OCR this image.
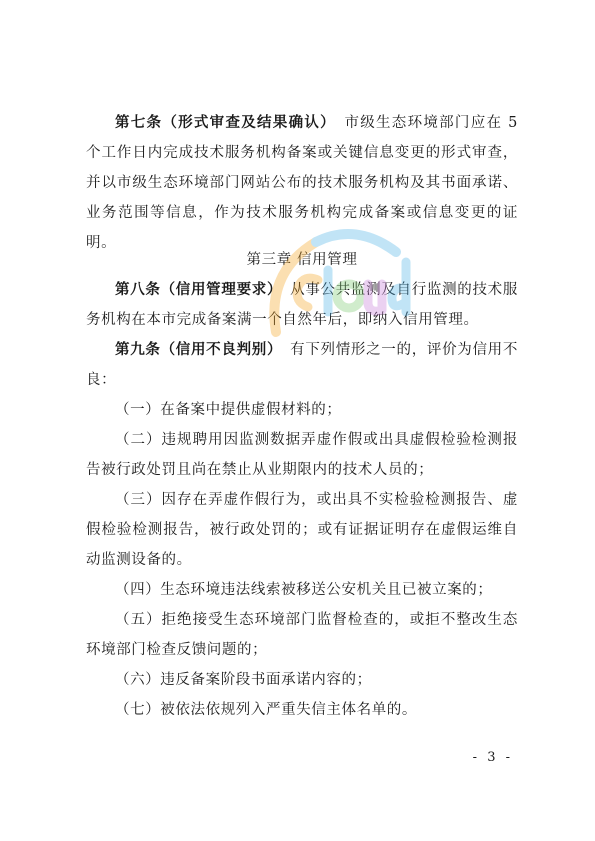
第七条（形式审查及结果确认）　市级生态环境部门应在 5 个工作日内完成技术服务机构备案或关键信息变更的形式审查，并以市级生态环境部门网站公布的技术服务机构及其书面承诺、业务范围等信息，作为技术服务机构完成备案或信息变更的证明。

第三章 信用管理

第八条（信用管理要求）　从事公共监测及自行监测的技术服务机构在本市完成备案满一个自然年后，即纳入信用管理。

第九条（信用不良判别）　有下列情形之一的，评价为信用不良：

（一）在备案中提供虚假材料的；

（二）违规聘用因监测数据弄虚作假或出具虚假检验检测报告被行政处罚且尚在禁止从业期限内的技术人员的；

（三）因存在弄虚作假行为，或出具不实检验检测报告、虚假检验检测报告，被行政处罚的；或有证据证明存在虚假运维自动监测设备的。

（四）生态环境违法线索被移送公安机关且已被立案的；

（五）拒绝接受生态环境部门监督检查的，或拒不整改生态环境部门检查反馈问题的；

（六）违反备案阶段书面承诺内容的；

（七）被依法依规列入严重失信主体名单的。

- 3 -
